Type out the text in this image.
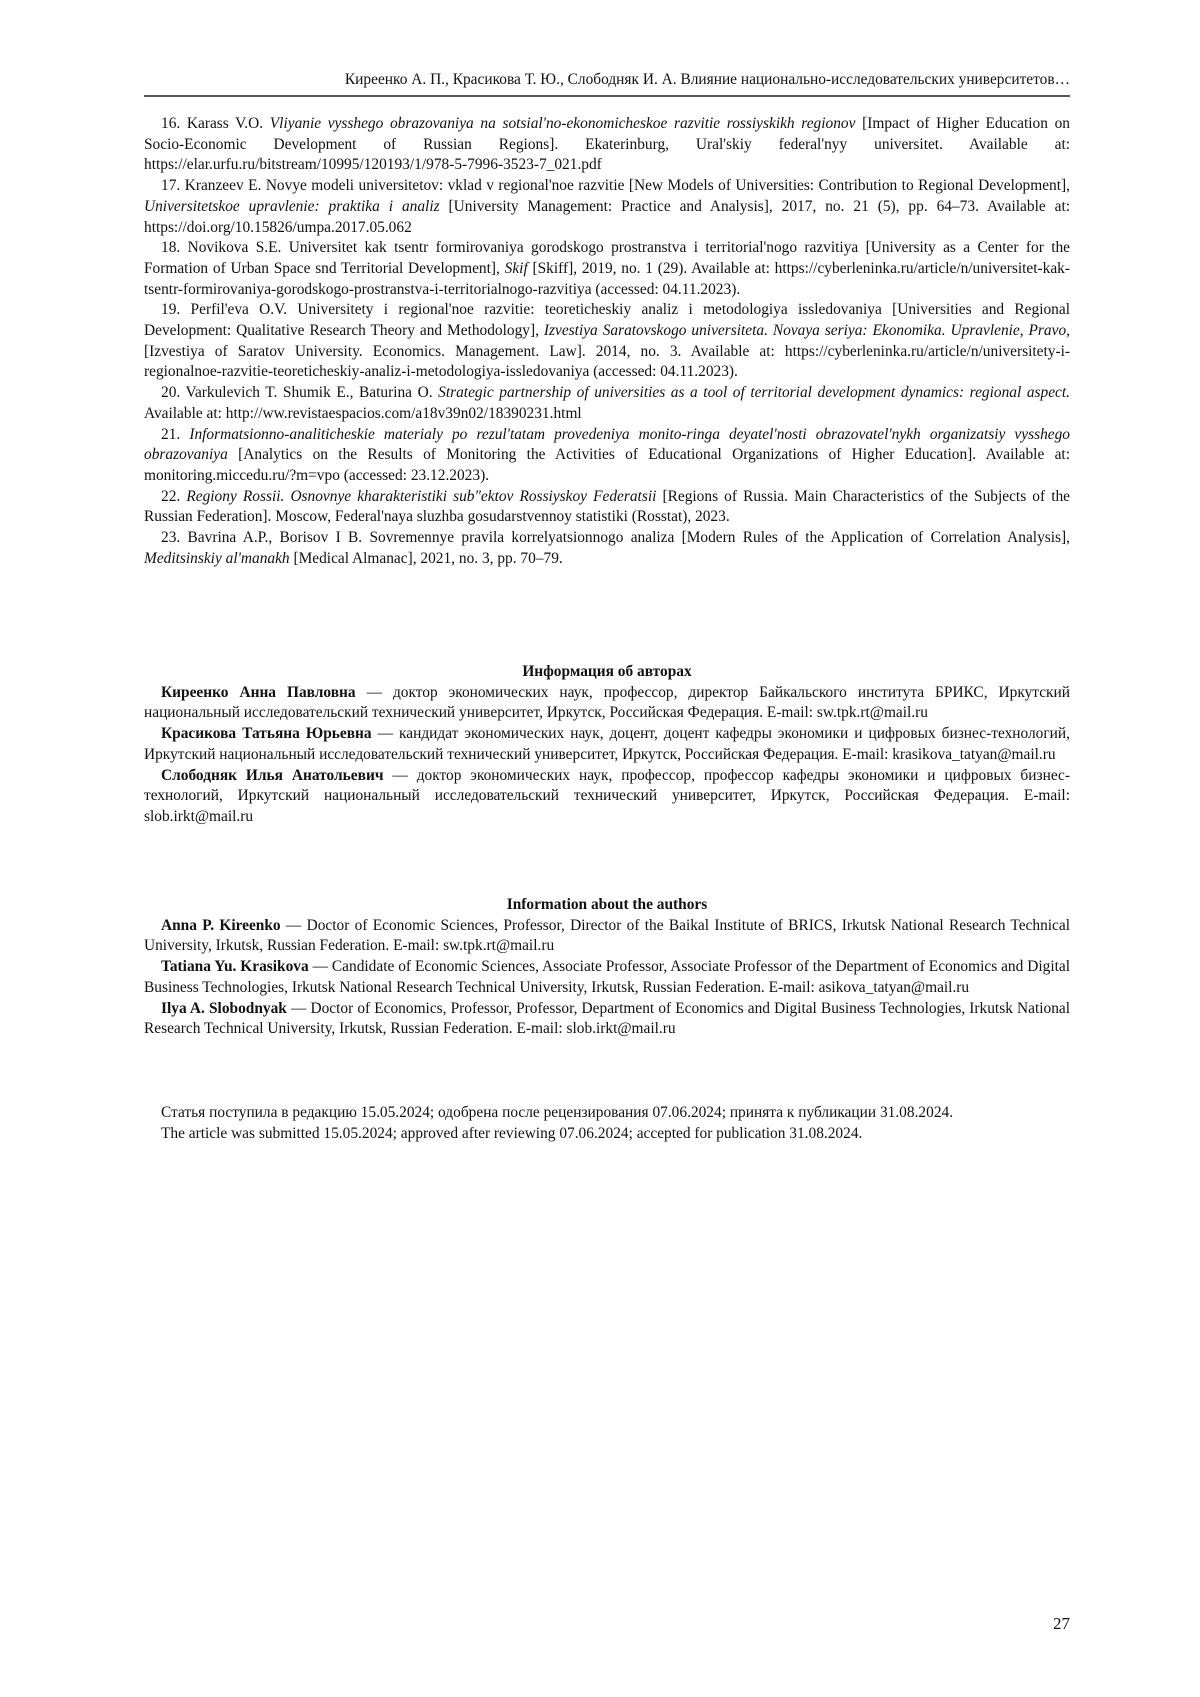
Киреенко А. П., Красикова Т. Ю., Слободняк И. А. Влияние национально-исследовательских университетов…

16. Karass V.O. Vliyanie vysshego obrazovaniya na sotsial'no-ekonomicheskoe razvitie rossiyskikh regionov [Impact of Higher Education on Socio-Economic Development of Russian Regions]. Ekaterinburg, Ural'skiy federal'nyy universitet. Available at: https://elar.urfu.ru/bitstream/10995/120193/1/978-5-7996-3523-7_021.pdf

17. Kranzeev E. Novye modeli universitetov: vklad v regional'noe razvitie [New Models of Universities: Contribution to Regional Development], Universitetskoe upravlenie: praktika i analiz [University Management: Practice and Analysis], 2017, no. 21 (5), pp. 64–73. Available at: https://doi.org/10.15826/umpa.2017.05.062

18. Novikova S.E. Universitet kak tsentr formirovaniya gorodskogo prostranstva i territorial'nogo razvitiya [University as a Center for the Formation of Urban Space snd Territorial Development], Skif [Skiff], 2019, no. 1 (29). Available at: https://cyberleninka.ru/article/n/universitet-kak-tsentr-formirovaniya-gorodskogo-prostranstva-i-territorialnogo-razvitiya (accessed: 04.11.2023).

19. Perfil'eva O.V. Universitety i regional'noe razvitie: teoreticheskiy analiz i metodologiya issledovaniya [Universities and Regional Development: Qualitative Research Theory and Methodology], Izvestiya Saratovskogo universiteta. Novaya seriya: Ekonomika. Upravlenie, Pravo, [Izvestiya of Saratov University. Economics. Management. Law]. 2014, no. 3. Available at: https://cyberleninka.ru/article/n/universitety-i-regionalnoe-razvitie-teoreticheskiy-analiz-i-metodologiya-issledovaniya (accessed: 04.11.2023).

20. Varkulevich T. Shumik E., Baturina O. Strategic partnership of universities as a tool of territorial development dynamics: regional aspect. Available at: http://ww.revistaespacios.com/a18v39n02/18390231.html

21. Informatsionno-analiticheskie materialy po rezul'tatam provedeniya monito-ringa deyatel'nosti obrazovatel'nykh organizatsiy vysshego obrazovaniya [Analytics on the Results of Monitoring the Activities of Educational Organizations of Higher Education]. Available at: monitoring.miccedu.ru/?m=vpo (accessed: 23.12.2023).

22. Regiony Rossii. Osnovnye kharakteristiki sub"ektov Rossiyskoy Federatsii [Regions of Russia. Main Characteristics of the Subjects of the Russian Federation]. Moscow, Federal'naya sluzhba gosudarstvennoy statistiki (Rosstat), 2023.

23. Bavrina A.P., Borisov I B. Sovremennye pravila korrelyatsionnogo analiza [Modern Rules of the Application of Correlation Analysis], Meditsinskiy al'manakh [Medical Almanac], 2021, no. 3, pp. 70–79.

Информация об авторах

Киреенко Анна Павловна — доктор экономических наук, профессор, директор Байкальского института БРИКС, Иркутский национальный исследовательский технический университет, Иркутск, Российская Федерация. E-mail: sw.tpk.rt@mail.ru

Красикова Татьяна Юрьевна — кандидат экономических наук, доцент, доцент кафедры экономики и цифровых бизнес-технологий, Иркутский национальный исследовательский технический университет, Иркутск, Российская Федерация. E-mail: krasikova_tatyan@mail.ru

Слободняк Илья Анатольевич — доктор экономических наук, профессор, профессор кафедры экономики и цифровых бизнес-технологий, Иркутский национальный исследовательский технический университет, Иркутск, Российская Федерация. E-mail: slob.irkt@mail.ru

Information about the authors

Anna P. Kireenko — Doctor of Economic Sciences, Professor, Director of the Baikal Institute of BRICS, Irkutsk National Research Technical University, Irkutsk, Russian Federation. E-mail: sw.tpk.rt@mail.ru

Tatiana Yu. Krasikova — Candidate of Economic Sciences, Associate Professor, Associate Professor of the Department of Economics and Digital Business Technologies, Irkutsk National Research Technical University, Irkutsk, Russian Federation. E-mail: asikova_tatyan@mail.ru

Ilya A. Slobodnyak — Doctor of Economics, Professor, Professor, Department of Economics and Digital Business Technologies, Irkutsk National Research Technical University, Irkutsk, Russian Federation. E-mail: slob.irkt@mail.ru

Статья поступила в редакцию 15.05.2024; одобрена после рецензирования 07.06.2024; принята к публикации 31.08.2024.

The article was submitted 15.05.2024; approved after reviewing 07.06.2024; accepted for publication 31.08.2024.

27
